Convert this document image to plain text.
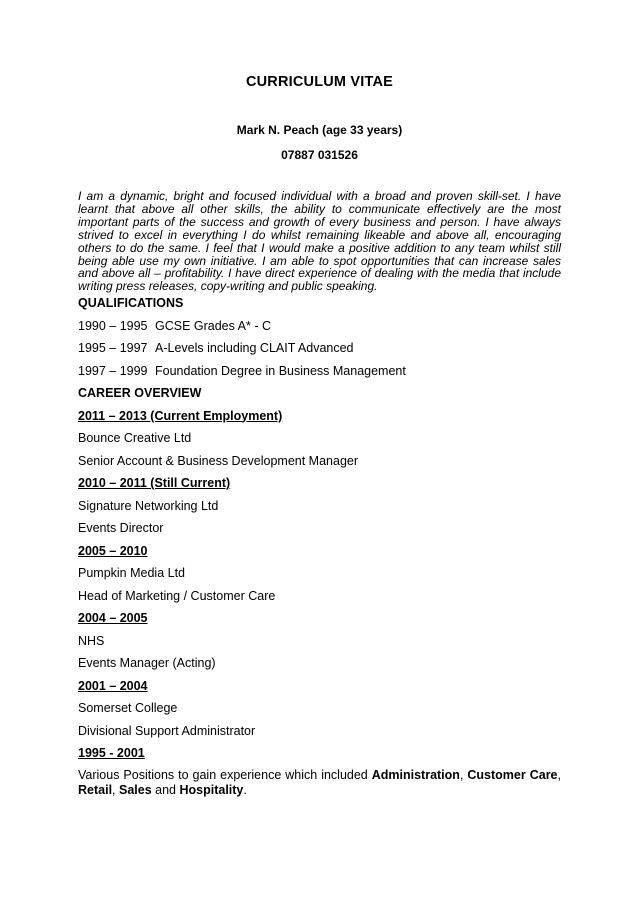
CURRICULUM VITAE
Mark N. Peach (age 33 years)
07887 031526

I am a dynamic, bright and focused individual with a broad and proven skill-set. I have learnt that above all other skills, the ability to communicate effectively are the most important parts of the success and growth of every business and person. I have always strived to excel in everything I do whilst remaining likeable and above all, encouraging others to do the same. I feel that I would make a positive addition to any team whilst still being able use my own initiative. I am able to spot opportunities that can increase sales and above all – profitability. I have direct experience of dealing with the media that include writing press releases, copy-writing and public speaking.

QUALIFICATIONS
1990 – 1995 GCSE Grades A* - C
1995 – 1997 A-Levels including CLAIT Advanced
1997 – 1999 Foundation Degree in Business Management
CAREER OVERVIEW
2011 – 2013 (Current Employment)
Bounce Creative Ltd
Senior Account & Business Development Manager
2010 – 2011 (Still Current)
Signature Networking Ltd
Events Director
2005 – 2010
Pumpkin Media Ltd
Head of Marketing / Customer Care
2004 – 2005
NHS
Events Manager (Acting)
2001 – 2004
Somerset College
Divisional Support Administrator
1995 - 2001

Various Positions to gain experience which included Administration, Customer Care, Retail, Sales and Hospitality.
